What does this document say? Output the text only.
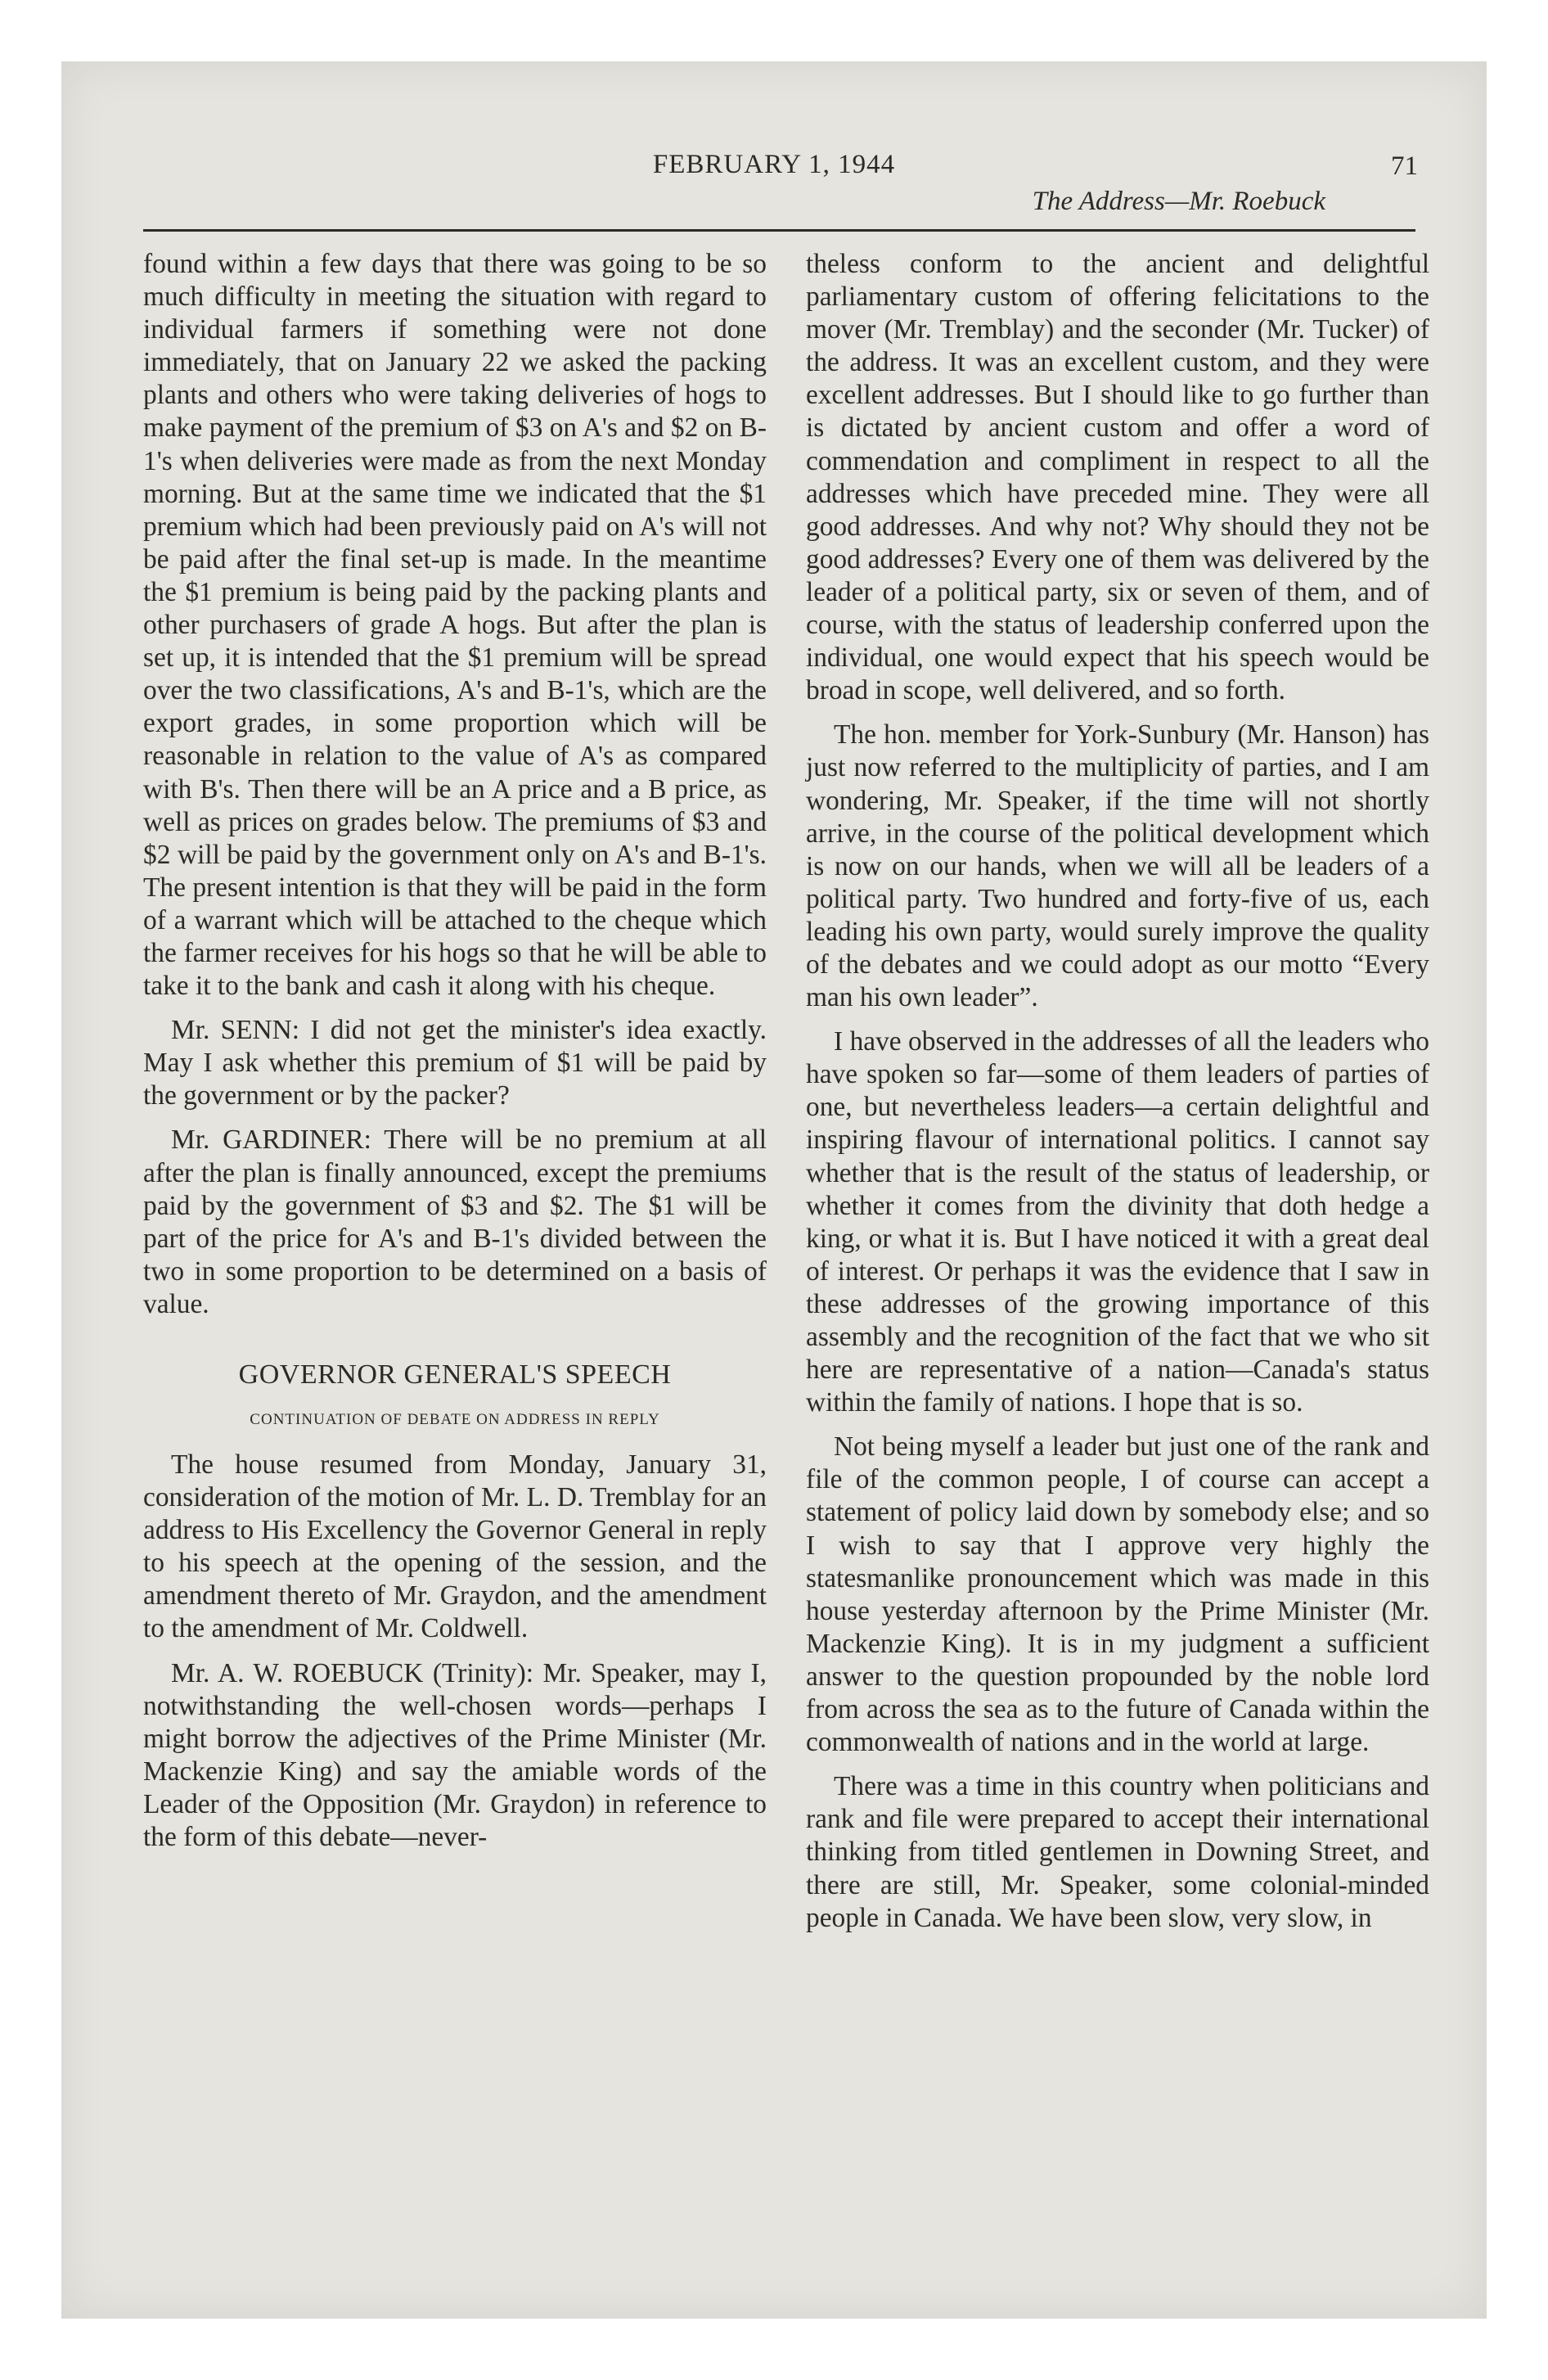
FEBRUARY 1, 1944	71
The Address—Mr. Roebuck

found within a few days that there was going to be so much difficulty in meeting the situation with regard to individual farmers if something were not done immediately, that on January 22 we asked the packing plants and others who were taking deliveries of hogs to make payment of the premium of $3 on A's and $2 on B-1's when deliveries were made as from the next Monday morning. But at the same time we indicated that the $1 premium which had been previously paid on A's will not be paid after the final set-up is made. In the meantime the $1 premium is being paid by the packing plants and other purchasers of grade A hogs. But after the plan is set up, it is intended that the $1 premium will be spread over the two classifications, A's and B-1's, which are the export grades, in some proportion which will be reasonable in relation to the value of A's as compared with B's. Then there will be an A price and a B price, as well as prices on grades below. The premiums of $3 and $2 will be paid by the government only on A's and B-1's. The present intention is that they will be paid in the form of a warrant which will be attached to the cheque which the farmer receives for his hogs so that he will be able to take it to the bank and cash it along with his cheque.

Mr. SENN: I did not get the minister's idea exactly. May I ask whether this premium of $1 will be paid by the government or by the packer?

Mr. GARDINER: There will be no premium at all after the plan is finally announced, except the premiums paid by the government of $3 and $2. The $1 will be part of the price for A's and B-1's divided between the two in some proportion to be determined on a basis of value.

GOVERNOR GENERAL'S SPEECH
CONTINUATION OF DEBATE ON ADDRESS IN REPLY

The house resumed from Monday, January 31, consideration of the motion of Mr. L. D. Tremblay for an address to His Excellency the Governor General in reply to his speech at the opening of the session, and the amendment thereto of Mr. Graydon, and the amendment to the amendment of Mr. Coldwell.

Mr. A. W. ROEBUCK (Trinity): Mr. Speaker, may I, notwithstanding the well-chosen words—perhaps I might borrow the adjectives of the Prime Minister (Mr. Mackenzie King) and say the amiable words of the Leader of the Opposition (Mr. Graydon) in reference to the form of this debate—never-

theless conform to the ancient and delightful parliamentary custom of offering felicitations to the mover (Mr. Tremblay) and the seconder (Mr. Tucker) of the address. It was an excellent custom, and they were excellent addresses. But I should like to go further than is dictated by ancient custom and offer a word of commendation and compliment in respect to all the addresses which have preceded mine. They were all good addresses. And why not? Why should they not be good addresses? Every one of them was delivered by the leader of a political party, six or seven of them, and of course, with the status of leadership conferred upon the individual, one would expect that his speech would be broad in scope, well delivered, and so forth.

The hon. member for York-Sunbury (Mr. Hanson) has just now referred to the multiplicity of parties, and I am wondering, Mr. Speaker, if the time will not shortly arrive, in the course of the political development which is now on our hands, when we will all be leaders of a political party. Two hundred and forty-five of us, each leading his own party, would surely improve the quality of the debates and we could adopt as our motto “Every man his own leader”.

I have observed in the addresses of all the leaders who have spoken so far—some of them leaders of parties of one, but nevertheless leaders—a certain delightful and inspiring flavour of international politics. I cannot say whether that is the result of the status of leadership, or whether it comes from the divinity that doth hedge a king, or what it is. But I have noticed it with a great deal of interest. Or perhaps it was the evidence that I saw in these addresses of the growing importance of this assembly and the recognition of the fact that we who sit here are representative of a nation—Canada's status within the family of nations. I hope that is so.

Not being myself a leader but just one of the rank and file of the common people, I of course can accept a statement of policy laid down by somebody else; and so I wish to say that I approve very highly the statesmanlike pronouncement which was made in this house yesterday afternoon by the Prime Minister (Mr. Mackenzie King). It is in my judgment a sufficient answer to the question propounded by the noble lord from across the sea as to the future of Canada within the commonwealth of nations and in the world at large.

There was a time in this country when politicians and rank and file were prepared to accept their international thinking from titled gentlemen in Downing Street, and there are still, Mr. Speaker, some colonial-minded people in Canada. We have been slow, very slow, in
